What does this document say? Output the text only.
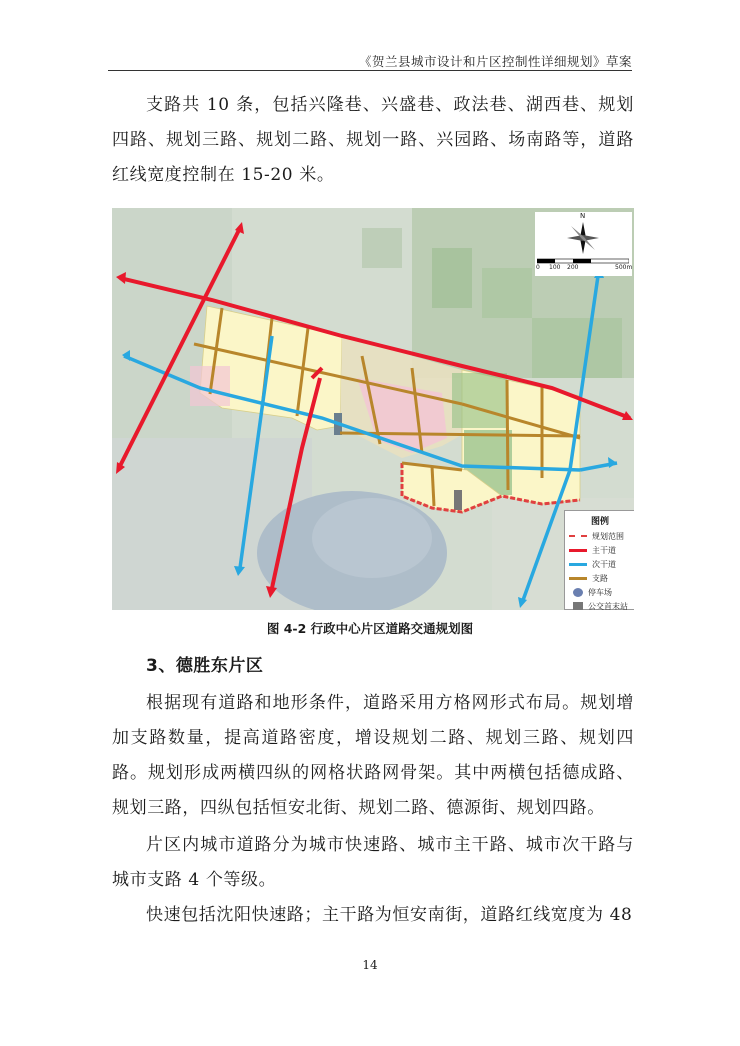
《贺兰县城市设计和片区控制性详细规划》草案

支路共 10 条，包括兴隆巷、兴盛巷、政法巷、湖西巷、规划四路、规划三路、规划二路、规划一路、兴园路、场南路等，道路红线宽度控制在 15-20 米。

N
0 100 200	500m
图例
规划范围
主干道
次干道
支路
停车场
公交首末站
图 4-2 行政中心片区道路交通规划图
3、德胜东片区

根据现有道路和地形条件，道路采用方格网形式布局。规划增加支路数量，提高道路密度，增设规划二路、规划三路、规划四路。规划形成两横四纵的网格状路网骨架。其中两横包括德成路、规划三路，四纵包括恒安北街、规划二路、德源街、规划四路。

片区内城市道路分为城市快速路、城市主干路、城市次干路与城市支路 4 个等级。

快速包括沈阳快速路；主干路为恒安南街，道路红线宽度为 48

14
